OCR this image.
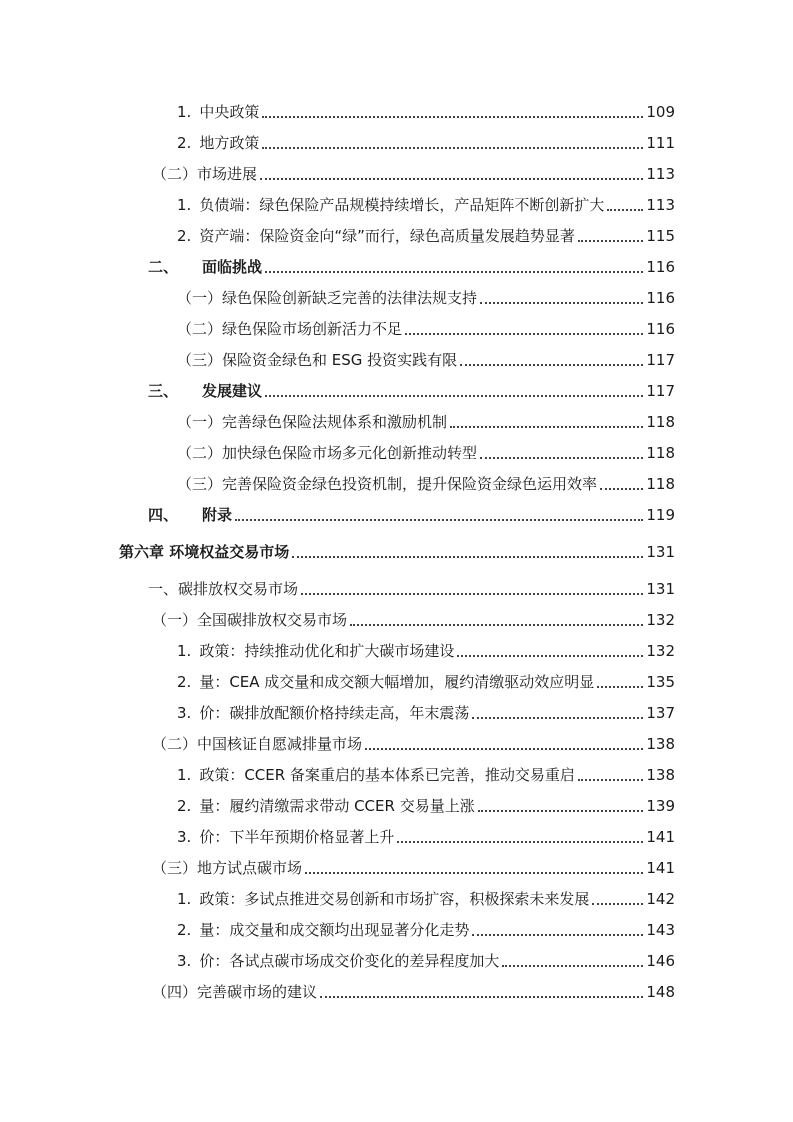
1. 中央政策	109
2. 地方政策	111
（二）市场进展	113
1. 负债端：绿色保险产品规模持续增长，产品矩阵不断创新扩大	113
2. 资产端：保险资金向“绿”而行，绿色高质量发展趋势显著	115
二、 面临挑战	116
（一）绿色保险创新缺乏完善的法律法规支持	116
（二）绿色保险市场创新活力不足	116
（三）保险资金绿色和 ESG 投资实践有限	117
三、 发展建议	117
（一）完善绿色保险法规体系和激励机制	118
（二）加快绿色保险市场多元化创新推动转型	118
（三）完善保险资金绿色投资机制，提升保险资金绿色运用效率	118
四、 附录	119
第六章 环境权益交易市场	131
一、碳排放权交易市场	131
（一）全国碳排放权交易市场	132
1. 政策：持续推动优化和扩大碳市场建设	132
2. 量：CEA 成交量和成交额大幅增加，履约清缴驱动效应明显	135
3. 价：碳排放配额价格持续走高，年末震荡	137
（二）中国核证自愿减排量市场	138
1. 政策：CCER 备案重启的基本体系已完善，推动交易重启	138
2. 量：履约清缴需求带动 CCER 交易量上涨	139
3. 价：下半年预期价格显著上升	141
（三）地方试点碳市场	141
1. 政策：多试点推进交易创新和市场扩容，积极探索未来发展	142
2. 量：成交量和成交额均出现显著分化走势	143
3. 价：各试点碳市场成交价变化的差异程度加大	146
（四）完善碳市场的建议	148
